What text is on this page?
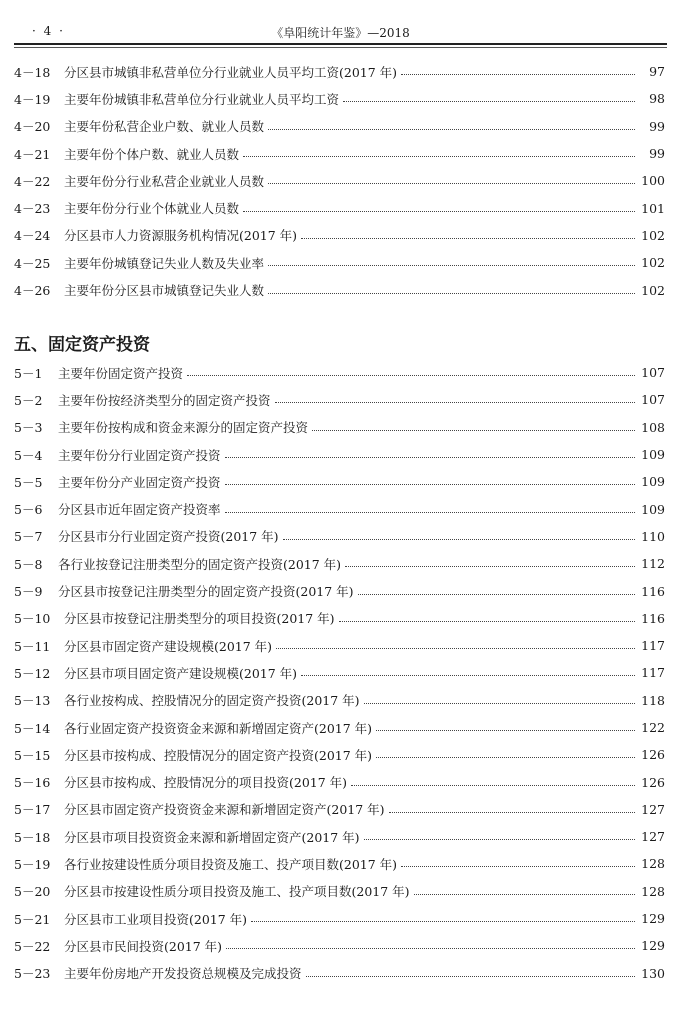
· 4 ·	《阜阳统计年鉴》—2018
4－18	分区县市城镇非私营单位分行业就业人员平均工资(2017 年)	97
4－19	主要年份城镇非私营单位分行业就业人员平均工资	98
4－20	主要年份私营企业户数、就业人员数	99
4－21	主要年份个体户数、就业人员数	99
4－22	主要年份分行业私营企业就业人员数	100
4－23	主要年份分行业个体就业人员数	101
4－24	分区县市人力资源服务机构情况(2017 年)	102
4－25	主要年份城镇登记失业人数及失业率	102
4－26	主要年份分区县市城镇登记失业人数	102
五、固定资产投资
5－1	主要年份固定资产投资	107
5－2	主要年份按经济类型分的固定资产投资	107
5－3	主要年份按构成和资金来源分的固定资产投资	108
5－4	主要年份分行业固定资产投资	109
5－5	主要年份分产业固定资产投资	109
5－6	分区县市近年固定资产投资率	109
5－7	分区县市分行业固定资产投资(2017 年)	110
5－8	各行业按登记注册类型分的固定资产投资(2017 年)	112
5－9	分区县市按登记注册类型分的固定资产投资(2017 年)	116
5－10	分区县市按登记注册类型分的项目投资(2017 年)	116
5－11	分区县市固定资产建设规模(2017 年)	117
5－12	分区县市项目固定资产建设规模(2017 年)	117
5－13	各行业按构成、控股情况分的固定资产投资(2017 年)	118
5－14	各行业固定资产投资资金来源和新增固定资产(2017 年)	122
5－15	分区县市按构成、控股情况分的固定资产投资(2017 年)	126
5－16	分区县市按构成、控股情况分的项目投资(2017 年)	126
5－17	分区县市固定资产投资资金来源和新增固定资产(2017 年)	127
5－18	分区县市项目投资资金来源和新增固定资产(2017 年)	127
5－19	各行业按建设性质分项目投资及施工、投产项目数(2017 年)	128
5－20	分区县市按建设性质分项目投资及施工、投产项目数(2017 年)	128
5－21	分区县市工业项目投资(2017 年)	129
5－22	分区县市民间投资(2017 年)	129
5－23	主要年份房地产开发投资总规模及完成投资	130
